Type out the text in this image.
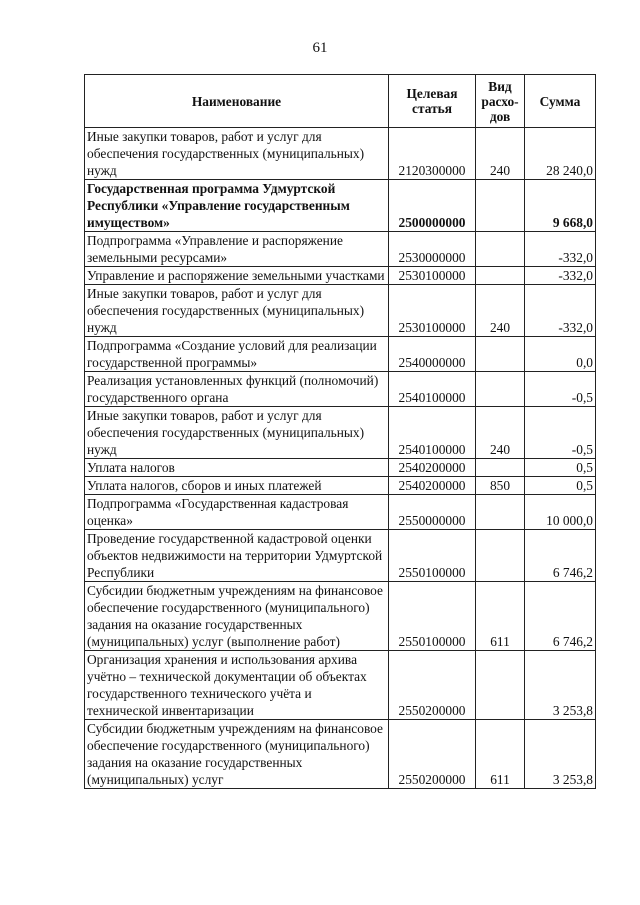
61
Наименование	Целевая статья	Вид расхо-дов	Сумма
Иные закупки товаров, работ и услуг для обеспечения государственных (муниципальных) нужд	2120300000	240	28 240,0
Государственная программа Удмуртской Республики «Управление государственным имуществом»	2500000000		9 668,0
Подпрограмма «Управление и распоряжение земельными ресурсами»	2530000000		-332,0
Управление и распоряжение земельными участками	2530100000		-332,0
Иные закупки товаров, работ и услуг для обеспечения государственных (муниципальных) нужд	2530100000	240	-332,0
Подпрограмма «Создание условий для реализации государственной программы»	2540000000		0,0
Реализация установленных функций (полномочий) государственного органа	2540100000		-0,5
Иные закупки товаров, работ и услуг для обеспечения государственных (муниципальных) нужд	2540100000	240	-0,5
Уплата налогов	2540200000		0,5
Уплата налогов, сборов и иных платежей	2540200000	850	0,5
Подпрограмма «Государственная кадастровая оценка»	2550000000		10 000,0
Проведение государственной кадастровой оценки объектов недвижимости на территории Удмуртской Республики	2550100000		6 746,2
Субсидии бюджетным учреждениям на финансовое обеспечение государственного (муниципального) задания на оказание государственных (муниципальных) услуг (выполнение работ)	2550100000	611	6 746,2
Организация хранения и использования архива учётно – технической документации об объектах государственного технического учёта и технической инвентаризации	2550200000		3 253,8
Субсидии бюджетным учреждениям на финансовое обеспечение государственного (муниципального) задания на оказание государственных (муниципальных) услуг	2550200000	611	3 253,8
